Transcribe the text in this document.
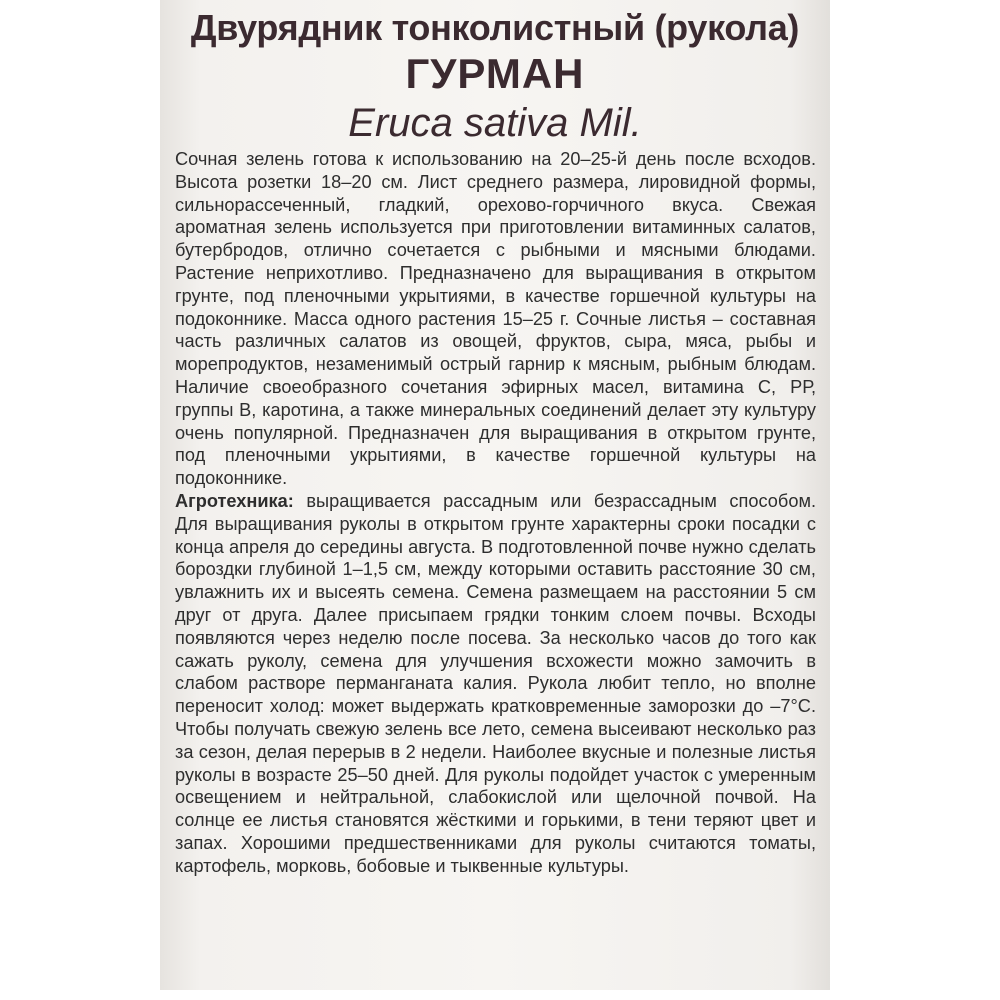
Двурядник тонколистный (рукола)
ГУРМАН
Eruca sativa Mil.

Сочная зелень готова к использованию на 20–25-й день после всходов. Высота розетки 18–20 см. Лист среднего размера, лировидной формы, сильнорассеченный, гладкий, орехово-горчичного вкуса. Свежая ароматная зелень используется при приготовлении витаминных салатов, бутербродов, отлично сочетается с рыбными и мясными блюдами. Растение неприхотливо. Предназначено для выращивания в открытом грунте, под пленочными укрытиями, в качестве горшечной культуры на подоконнике. Масса одного растения 15–25 г. Сочные листья – составная часть различных салатов из овощей, фруктов, сыра, мяса, рыбы и морепродуктов, незаменимый острый гарнир к мясным, рыбным блюдам. Наличие своеобразного сочетания эфирных масел, витамина С, РР, группы В, каротина, а также минеральных соединений делает эту культуру очень популярной. Предназначен для выращивания в открытом грунте, под пленочными укрытиями, в качестве горшечной культуры на подоконнике.

Агротехника: выращивается рассадным или безрассадным способом. Для выращивания руколы в открытом грунте характерны сроки посадки с конца апреля до середины августа. В подготовленной почве нужно сделать бороздки глубиной 1–1,5 см, между которыми оставить расстояние 30 см, увлажнить их и высеять семена. Семена размещаем на расстоянии 5 см друг от друга. Далее присыпаем грядки тонким слоем почвы. Всходы появляются через неделю после посева. За несколько часов до того как сажать руколу, семена для улучшения всхожести можно замочить в слабом растворе перманганата калия. Рукола любит тепло, но вполне переносит холод: может выдержать кратковременные заморозки до –7°С. Чтобы получать свежую зелень все лето, семена высеивают несколько раз за сезон, делая перерыв в 2 недели. Наиболее вкусные и полезные листья руколы в возрасте 25–50 дней. Для руколы подойдет участок с умеренным освещением и нейтральной, слабокислой или щелочной почвой. На солнце ее листья становятся жёсткими и горькими, в тени теряют цвет и запах. Хорошими предшественниками для руколы считаются томаты, картофель, морковь, бобовые и тыквенные культуры.
